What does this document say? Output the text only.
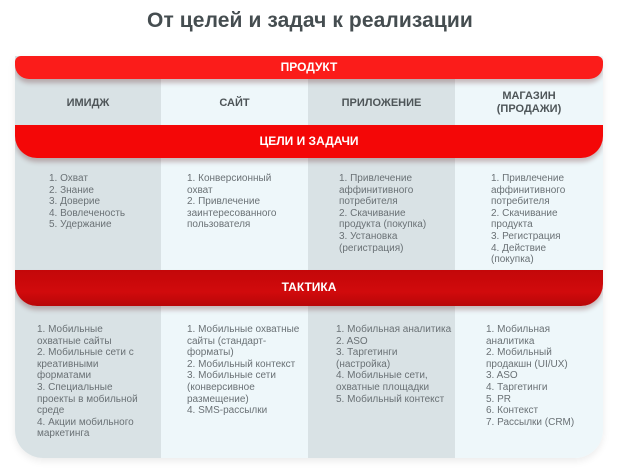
От целей и задач к реализации
ПРОДУКТ
ИМИДЖ	САЙТ	ПРИЛОЖЕНИЕ
МАГАЗИН (ПРОДАЖИ)
ЦЕЛИ И ЗАДАЧИ
1. Охват
2. Знание
3. Доверие
4. Вовлеченость
5. Удержание
1. Конверсионный охват
2. Привлечение заинтересованного пользователя
1. Привлечение аффинитивного потребителя
2. Скачивание продукта (покупка)
3. Установка (регистрация)
1. Привлечение аффинитивного потребителя
2. Скачивание продукта
3. Регистрация
4. Действие (покупка)
ТАКТИКА
1. Мобильные охватные сайты
2. Мобильные сети с креативными форматами
3. Специальные проекты в мобильной среде
4. Акции мобильного маркетинга
1. Мобильные охватные сайты (стандарт-форматы)
2. Мобильный контекст
3. Мобильные сети (конверсивное размещение)
4. SMS-рассылки
1. Мобильная аналитика
2. ASO
3. Таргетинги (настройка)
4. Мобильные сети, охватные площадки
5. Мобильный контекст
1. Мобильная аналитика
2. Мобильный продакшн (UI/UX)
3. ASO
4. Таргетинги
5. PR
6. Контекст
7. Рассылки (CRM)
